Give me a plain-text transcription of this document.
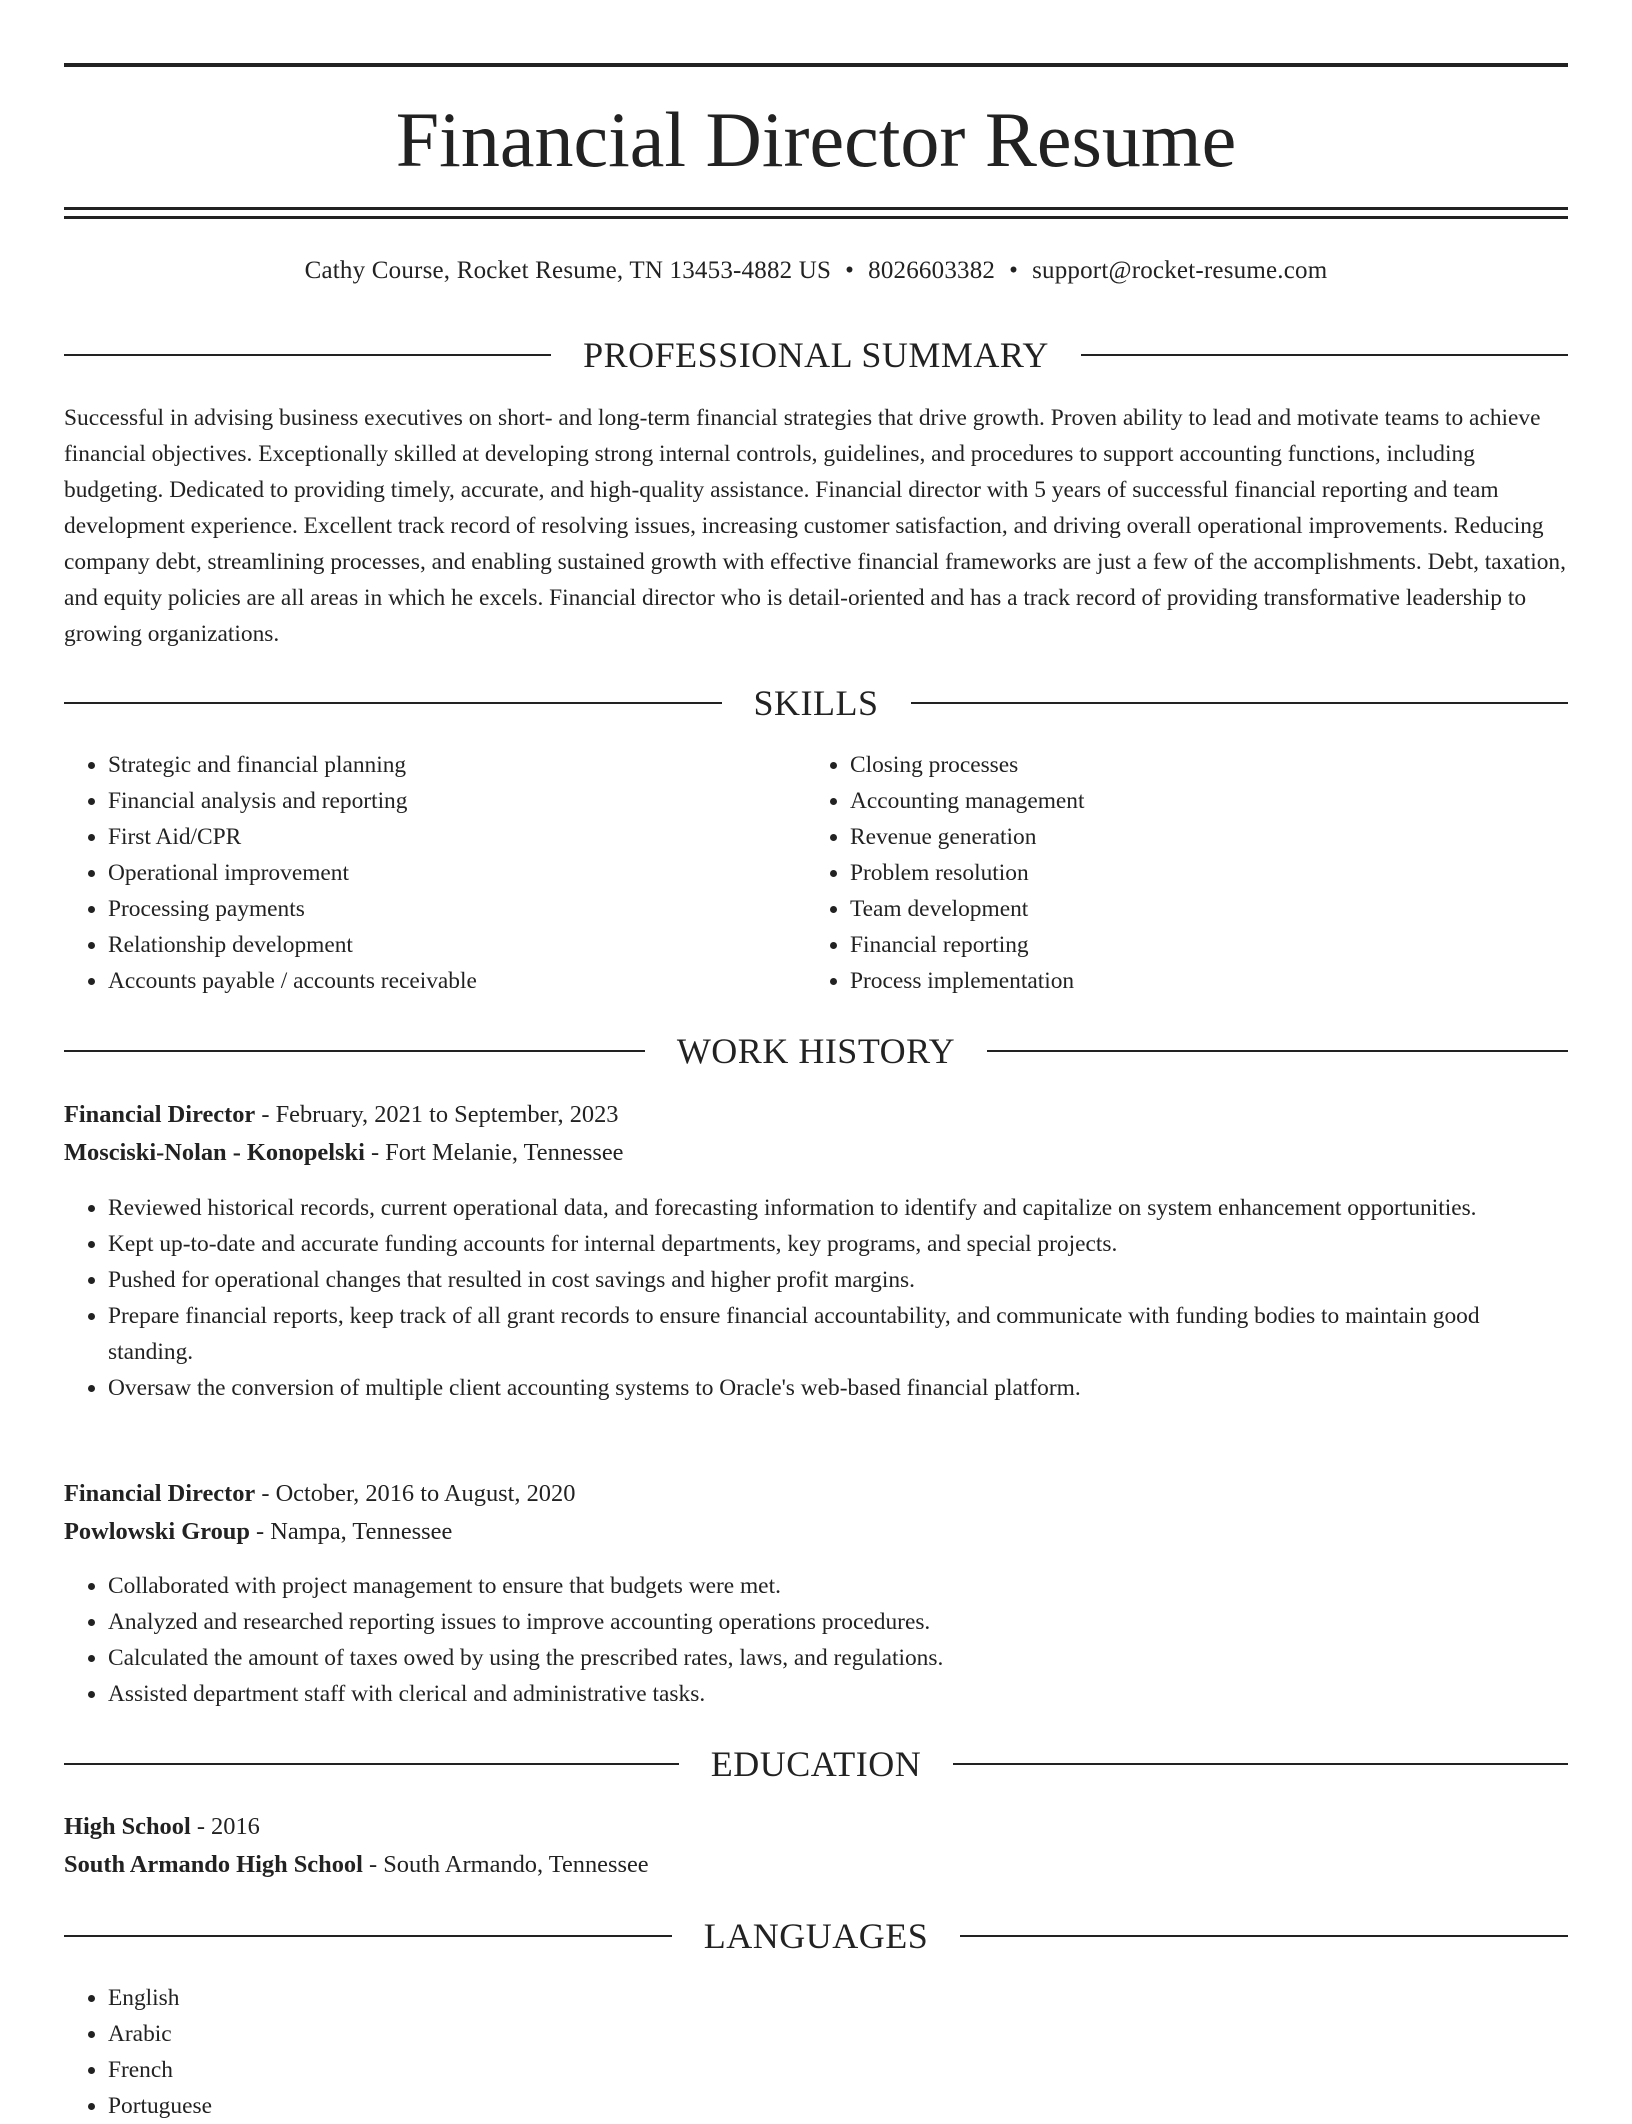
Financial Director Resume
Cathy Course, Rocket Resume, TN 13453-4882 US • 8026603382 • support@rocket-resume.com
PROFESSIONAL SUMMARY

Successful in advising business executives on short- and long-term financial strategies that drive growth. Proven ability to lead and motivate teams to achieve financial objectives. Exceptionally skilled at developing strong internal controls, guidelines, and procedures to support accounting functions, including budgeting. Dedicated to providing timely, accurate, and high-quality assistance. Financial director with 5 years of successful financial reporting and team development experience. Excellent track record of resolving issues, increasing customer satisfaction, and driving overall operational improvements. Reducing company debt, streamlining processes, and enabling sustained growth with effective financial frameworks are just a few of the accomplishments. Debt, taxation, and equity policies are all areas in which he excels. Financial director who is detail-oriented and has a track record of providing transformative leadership to growing organizations.

SKILLS
• Strategic and financial planning
• Financial analysis and reporting
• First Aid/CPR
• Operational improvement
• Processing payments
• Relationship development
• Accounts payable / accounts receivable
• Closing processes
• Accounting management
• Revenue generation
• Problem resolution
• Team development
• Financial reporting
• Process implementation
WORK HISTORY
Financial Director - February, 2021 to September, 2023
Mosciski-Nolan - Konopelski - Fort Melanie, Tennessee
• Reviewed historical records, current operational data, and forecasting information to identify and capitalize on system enhancement opportunities.
• Kept up-to-date and accurate funding accounts for internal departments, key programs, and special projects.
• Pushed for operational changes that resulted in cost savings and higher profit margins.
• Prepare financial reports, keep track of all grant records to ensure financial accountability, and communicate with funding bodies to maintain good standing.
• Oversaw the conversion of multiple client accounting systems to Oracle's web-based financial platform.
Financial Director - October, 2016 to August, 2020
Powlowski Group - Nampa, Tennessee
• Collaborated with project management to ensure that budgets were met.
• Analyzed and researched reporting issues to improve accounting operations procedures.
• Calculated the amount of taxes owed by using the prescribed rates, laws, and regulations.
• Assisted department staff with clerical and administrative tasks.
EDUCATION
High School - 2016
South Armando High School - South Armando, Tennessee
LANGUAGES
• English
• Arabic
• French
• Portuguese
